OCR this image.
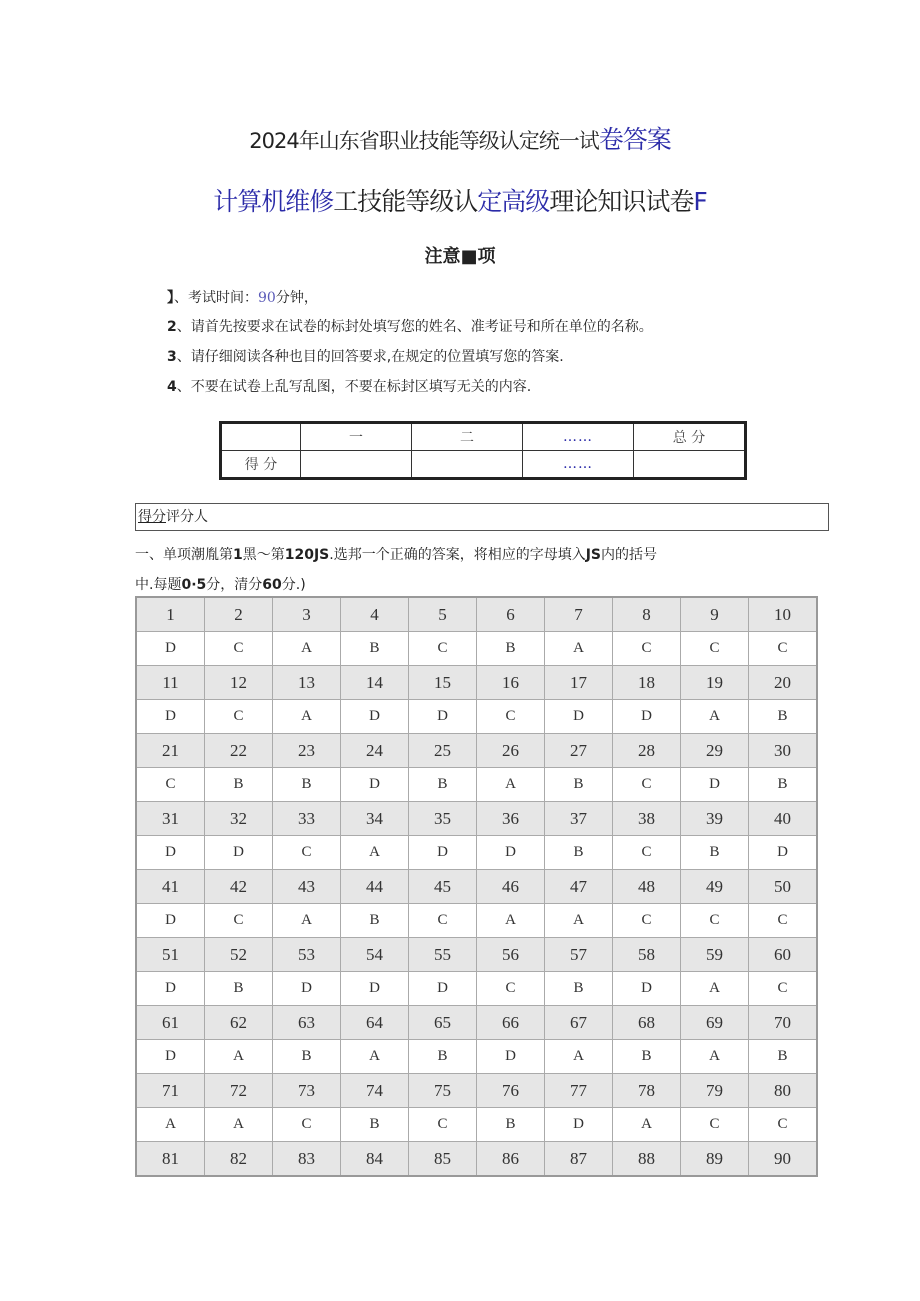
2024年山东省职业技能等级认定统一试卷答案
计算机维修工技能等级认定高级理论知识试卷F
注意■项
】、考试时间：90分钟，
2、请首先按要求在试卷的标封处填写您的姓名、准考证号和所在单位的名称。
3、请仔细阅读各种也目的回答要求,在规定的位置填写您的答案.
4、不要在试卷上乱写乱图，不要在标封区填写无关的内容.
	一	二	……	总 分
得 分			……	
得分评分人
一、单项潮胤第1黑〜第120JS.选邦一个正确的答案，将相应的字母填入JS内的括号
中.每题0·5分，清分60分.)
1	2	3	4	5	6	7	8	9	10
D	C	A	B	C	B	A	C	C	C
11	12	13	14	15	16	17	18	19	20
D	C	A	D	D	C	D	D	A	B
21	22	23	24	25	26	27	28	29	30
C	B	B	D	B	A	B	C	D	B
31	32	33	34	35	36	37	38	39	40
D	D	C	A	D	D	B	C	B	D
41	42	43	44	45	46	47	48	49	50
D	C	A	B	C	A	A	C	C	C
51	52	53	54	55	56	57	58	59	60
D	B	D	D	D	C	B	D	A	C
61	62	63	64	65	66	67	68	69	70
D	A	B	A	B	D	A	B	A	B
71	72	73	74	75	76	77	78	79	80
A	A	C	B	C	B	D	A	C	C
81	82	83	84	85	86	87	88	89	90
